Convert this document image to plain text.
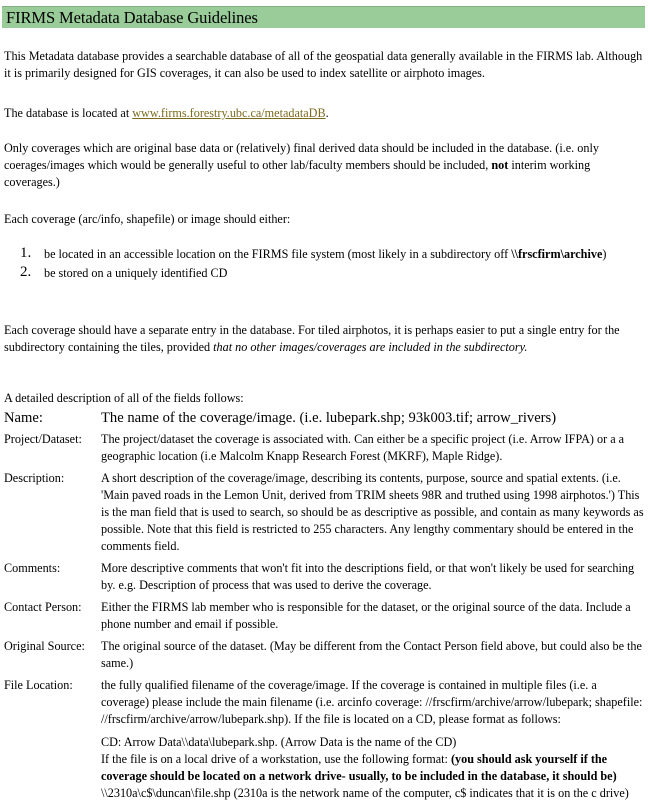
FIRMS Metadata Database Guidelines

This Metadata database provides a searchable database of all of the geospatial data generally available in the FIRMS lab. Although it is primarily designed for GIS coverages, it can also be used to index satellite or airphoto images.

The database is located at www.firms.forestry.ubc.ca/metadataDB.

Only coverages which are original base data or (relatively) final derived data should be included in the database. (i.e. only coerages/images which would be generally useful to other lab/faculty members should be included, not interim working coverages.)

Each coverage (arc/info, shapefile) or image should either:

1. be located in an accessible location on the FIRMS file system (most likely in a subdirectory off \\frscfirm\archive)
2. be stored on a uniquely identified CD

Each coverage should have a separate entry in the database. For tiled airphotos, it is perhaps easier to put a single entry for the subdirectory containing the tiles, provided that no other images/coverages are included in the subdirectory.

A detailed description of all of the fields follows:

Name:	The name of the coverage/image. (i.e. lubepark.shp; 93k003.tif; arrow_rivers)
Project/Dataset:	The project/dataset the coverage is associated with. Can either be a specific project (i.e. Arrow IFPA) or a a geographic location (i.e Malcolm Knapp Research Forest (MKRF), Maple Ridge).
Description:	A short description of the coverage/image, describing its contents, purpose, source and spatial extents. (i.e. 'Main paved roads in the Lemon Unit, derived from TRIM sheets 98R and truthed using 1998 airphotos.') This is the man field that is used to search, so should be as descriptive as possible, and contain as many keywords as possible. Note that this field is restricted to 255 characters. Any lengthy commentary should be entered in the comments field.
Comments:	More descriptive comments that won't fit into the descriptions field, or that won't likely be used for searching by. e.g. Description of process that was used to derive the coverage.
Contact Person:	Either the FIRMS lab member who is responsible for the dataset, or the original source of the data. Include a phone number and email if possible.
Original Source:	The original source of the dataset. (May be different from the Contact Person field above, but could also be the same.)
File Location:	the fully qualified filename of the coverage/image. If the coverage is contained in multiple files (i.e. a coverage) please include the main filename (i.e. arcinfo coverage: //frscfirm/archive/arrow/lubepark; shapefile: //frscfirm/archive/arrow/lubepark.shp). If the file is located on a CD, please format as follows:
CD: Arrow Data\\data\lubepark.shp. (Arrow Data is the name of the CD)
If the file is on a local drive of a workstation, use the following format: (you should ask yourself if the coverage should be located on a network drive- usually, to be included in the database, it should be)
\\2310a\c$\duncan\file.shp (2310a is the network name of the computer, c$ indicates that it is on the c drive)
